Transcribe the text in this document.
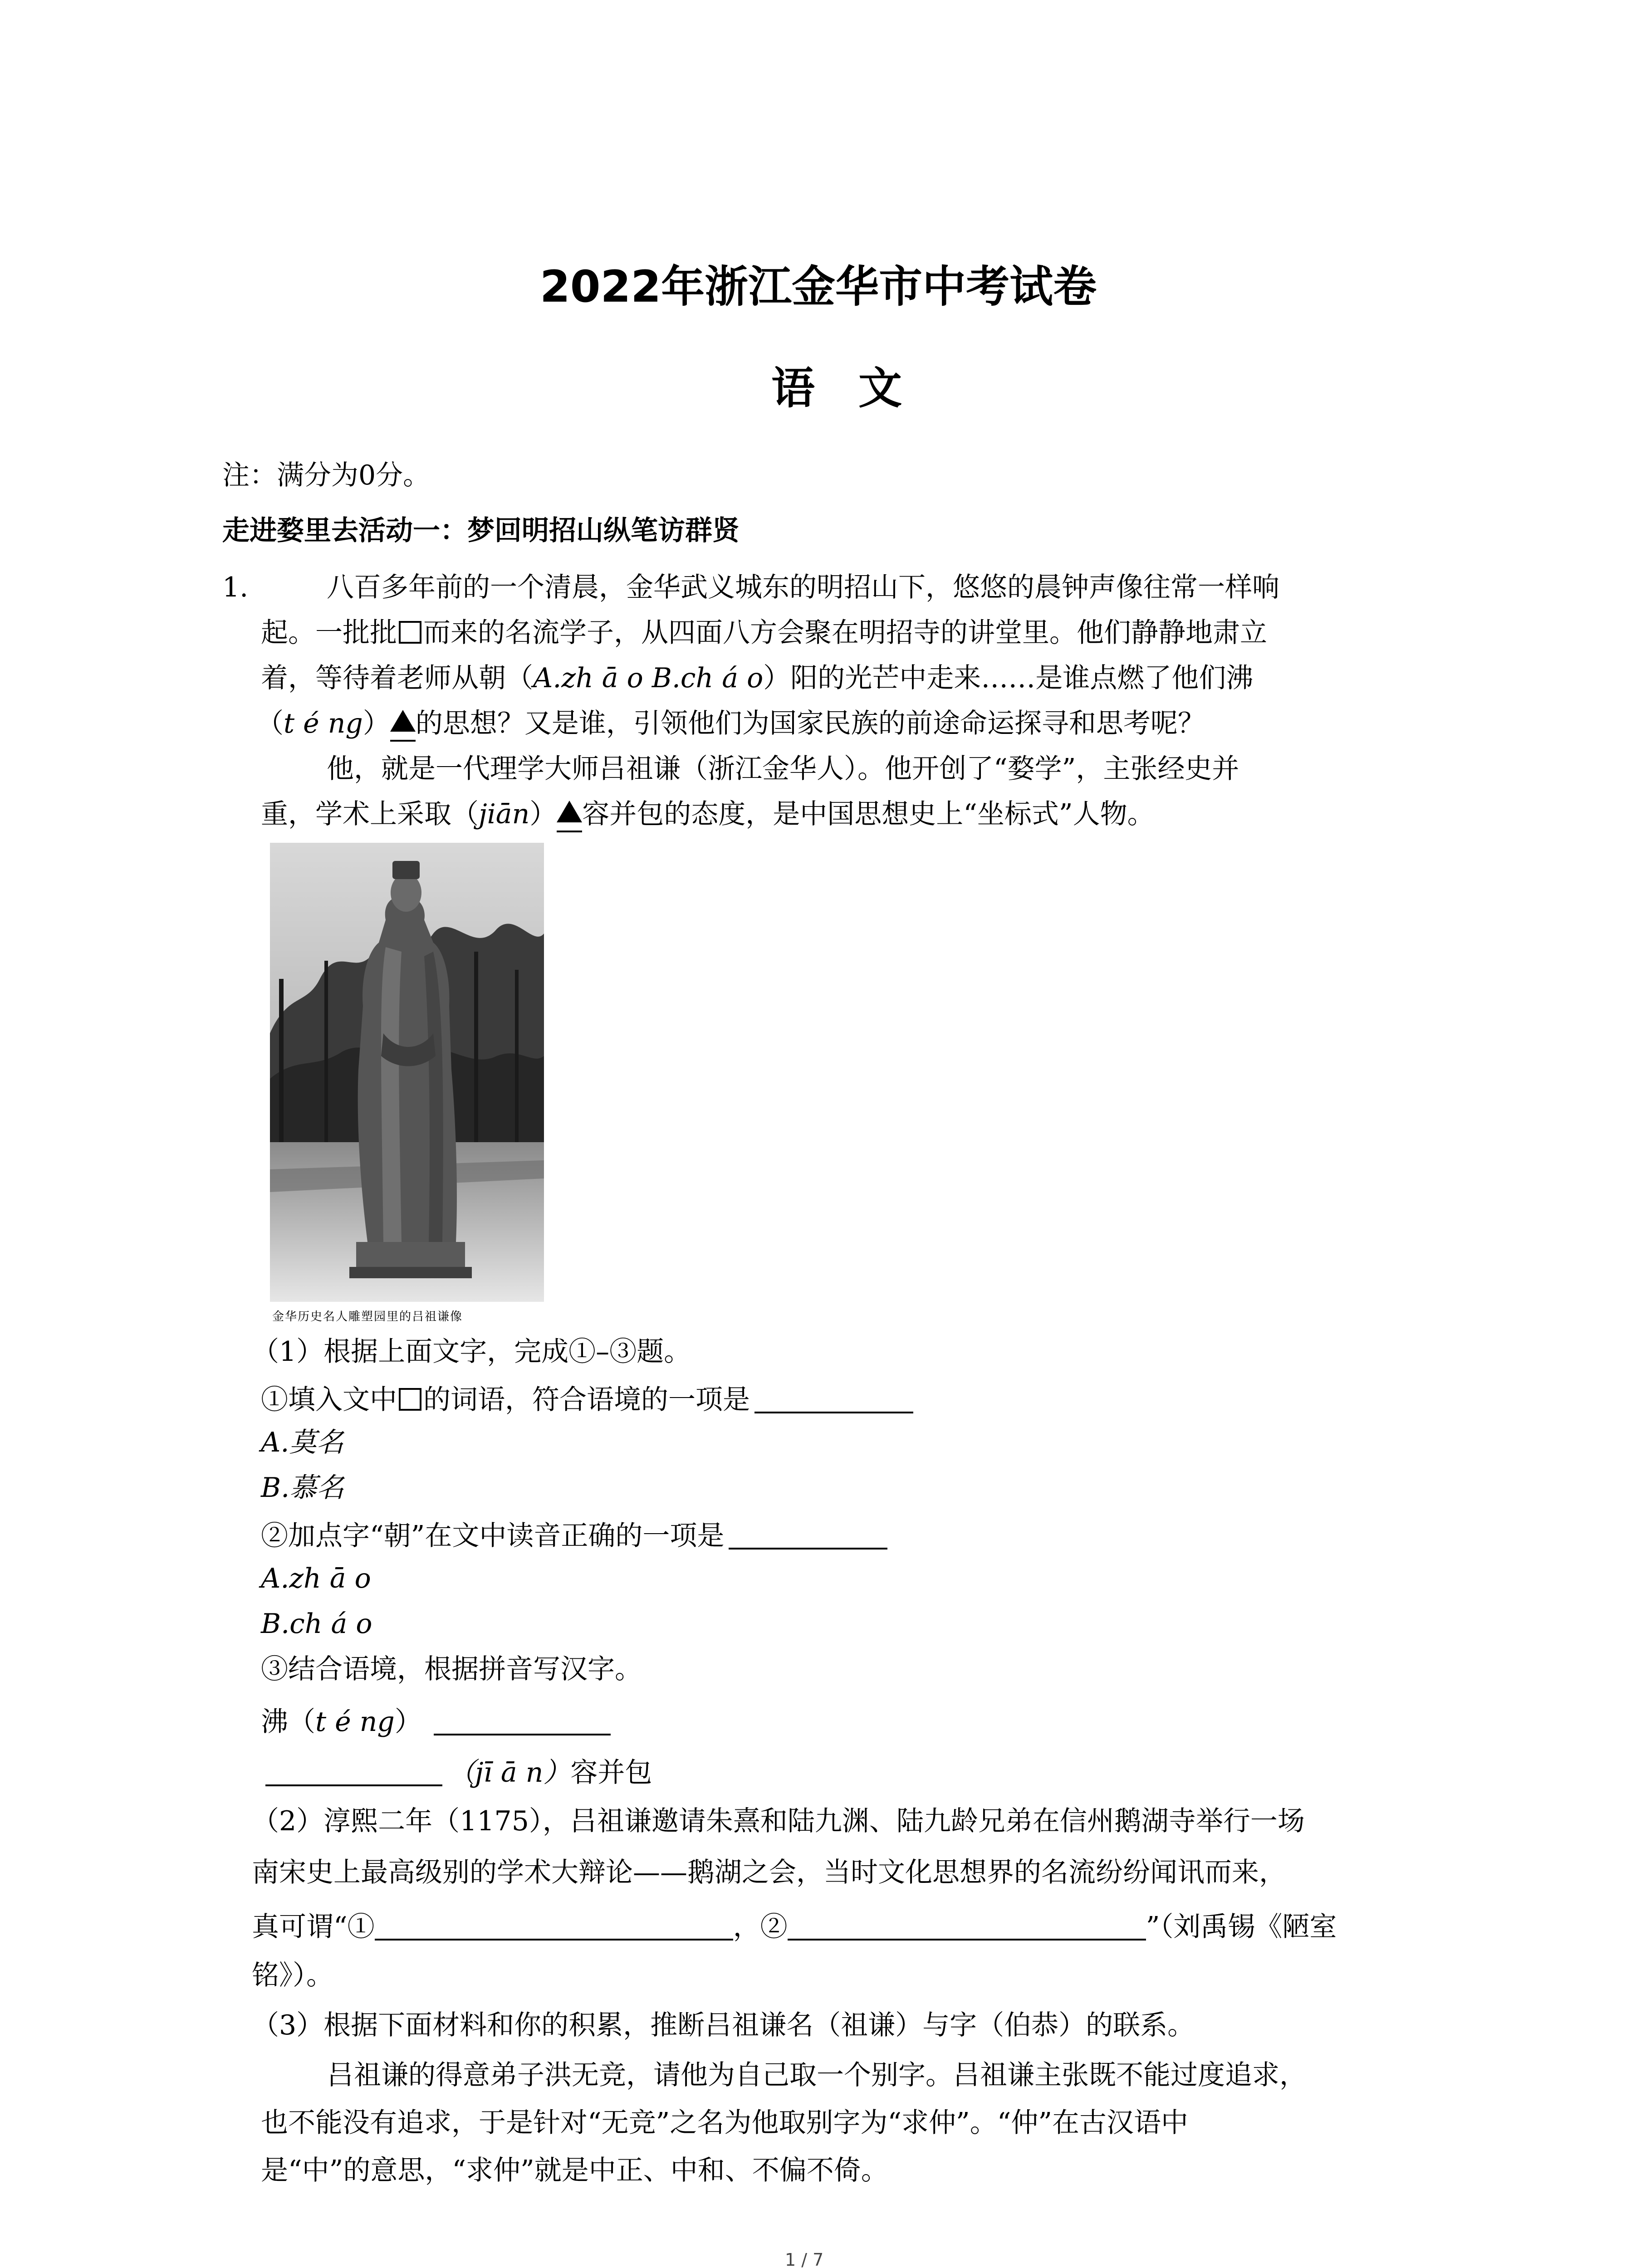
2022年浙江金华市中考试卷
语　文
注：满分为0分。
走进婺里去活动一：梦回明招山纵笔访群贤
1.	八百多年前的一个清晨，金华武义城东的明招山下，悠悠的晨钟声像往常一样响
起。一批批 而来的名流学子，从四面八方会聚在明招寺的讲堂里。他们静静地肃立
着，等待着老师从朝（A.zh ā o B.ch á o）阳的光芒中走来……是谁点燃了他们沸
（t é ng） 的思想？又是谁，引领他们为国家民族的前途命运探寻和思考呢？
他，就是一代理学大师吕祖谦（浙江金华人）。他开创了“婺学”，主张经史并
重，学术上采取（jiān） 容并包的态度，是中国思想史上“坐标式”人物。
金华历史名人雕塑园里的吕祖谦像
（1）根据上面文字，完成①–③题。
①填入文中 的词语，符合语境的一项是
A.莫名
B.慕名
②加点字“朝”在文中读音正确的一项是
A.zh ā o
B.ch á o
③结合语境，根据拼音写汉字。
沸（t é ng）
（jī ā n）容并包
（2）淳熙二年（1175），吕祖谦邀请朱熹和陆九渊、陆九龄兄弟在信州鹅湖寺举行一场
南宋史上最高级别的学术大辩论——鹅湖之会，当时文化思想界的名流纷纷闻讯而来，
真可谓“①	，②	”（刘禹锡《陋室
铭》）。
（3）根据下面材料和你的积累，推断吕祖谦名（祖谦）与字（伯恭）的联系。
吕祖谦的得意弟子洪无竞，请他为自己取一个别字。吕祖谦主张既不能过度追求，
也不能没有追求，于是针对“无竞”之名为他取别字为“求仲”。“仲”在古汉语中
是“中”的意思，“求仲”就是中正、中和、不偏不倚。
1 / 7
